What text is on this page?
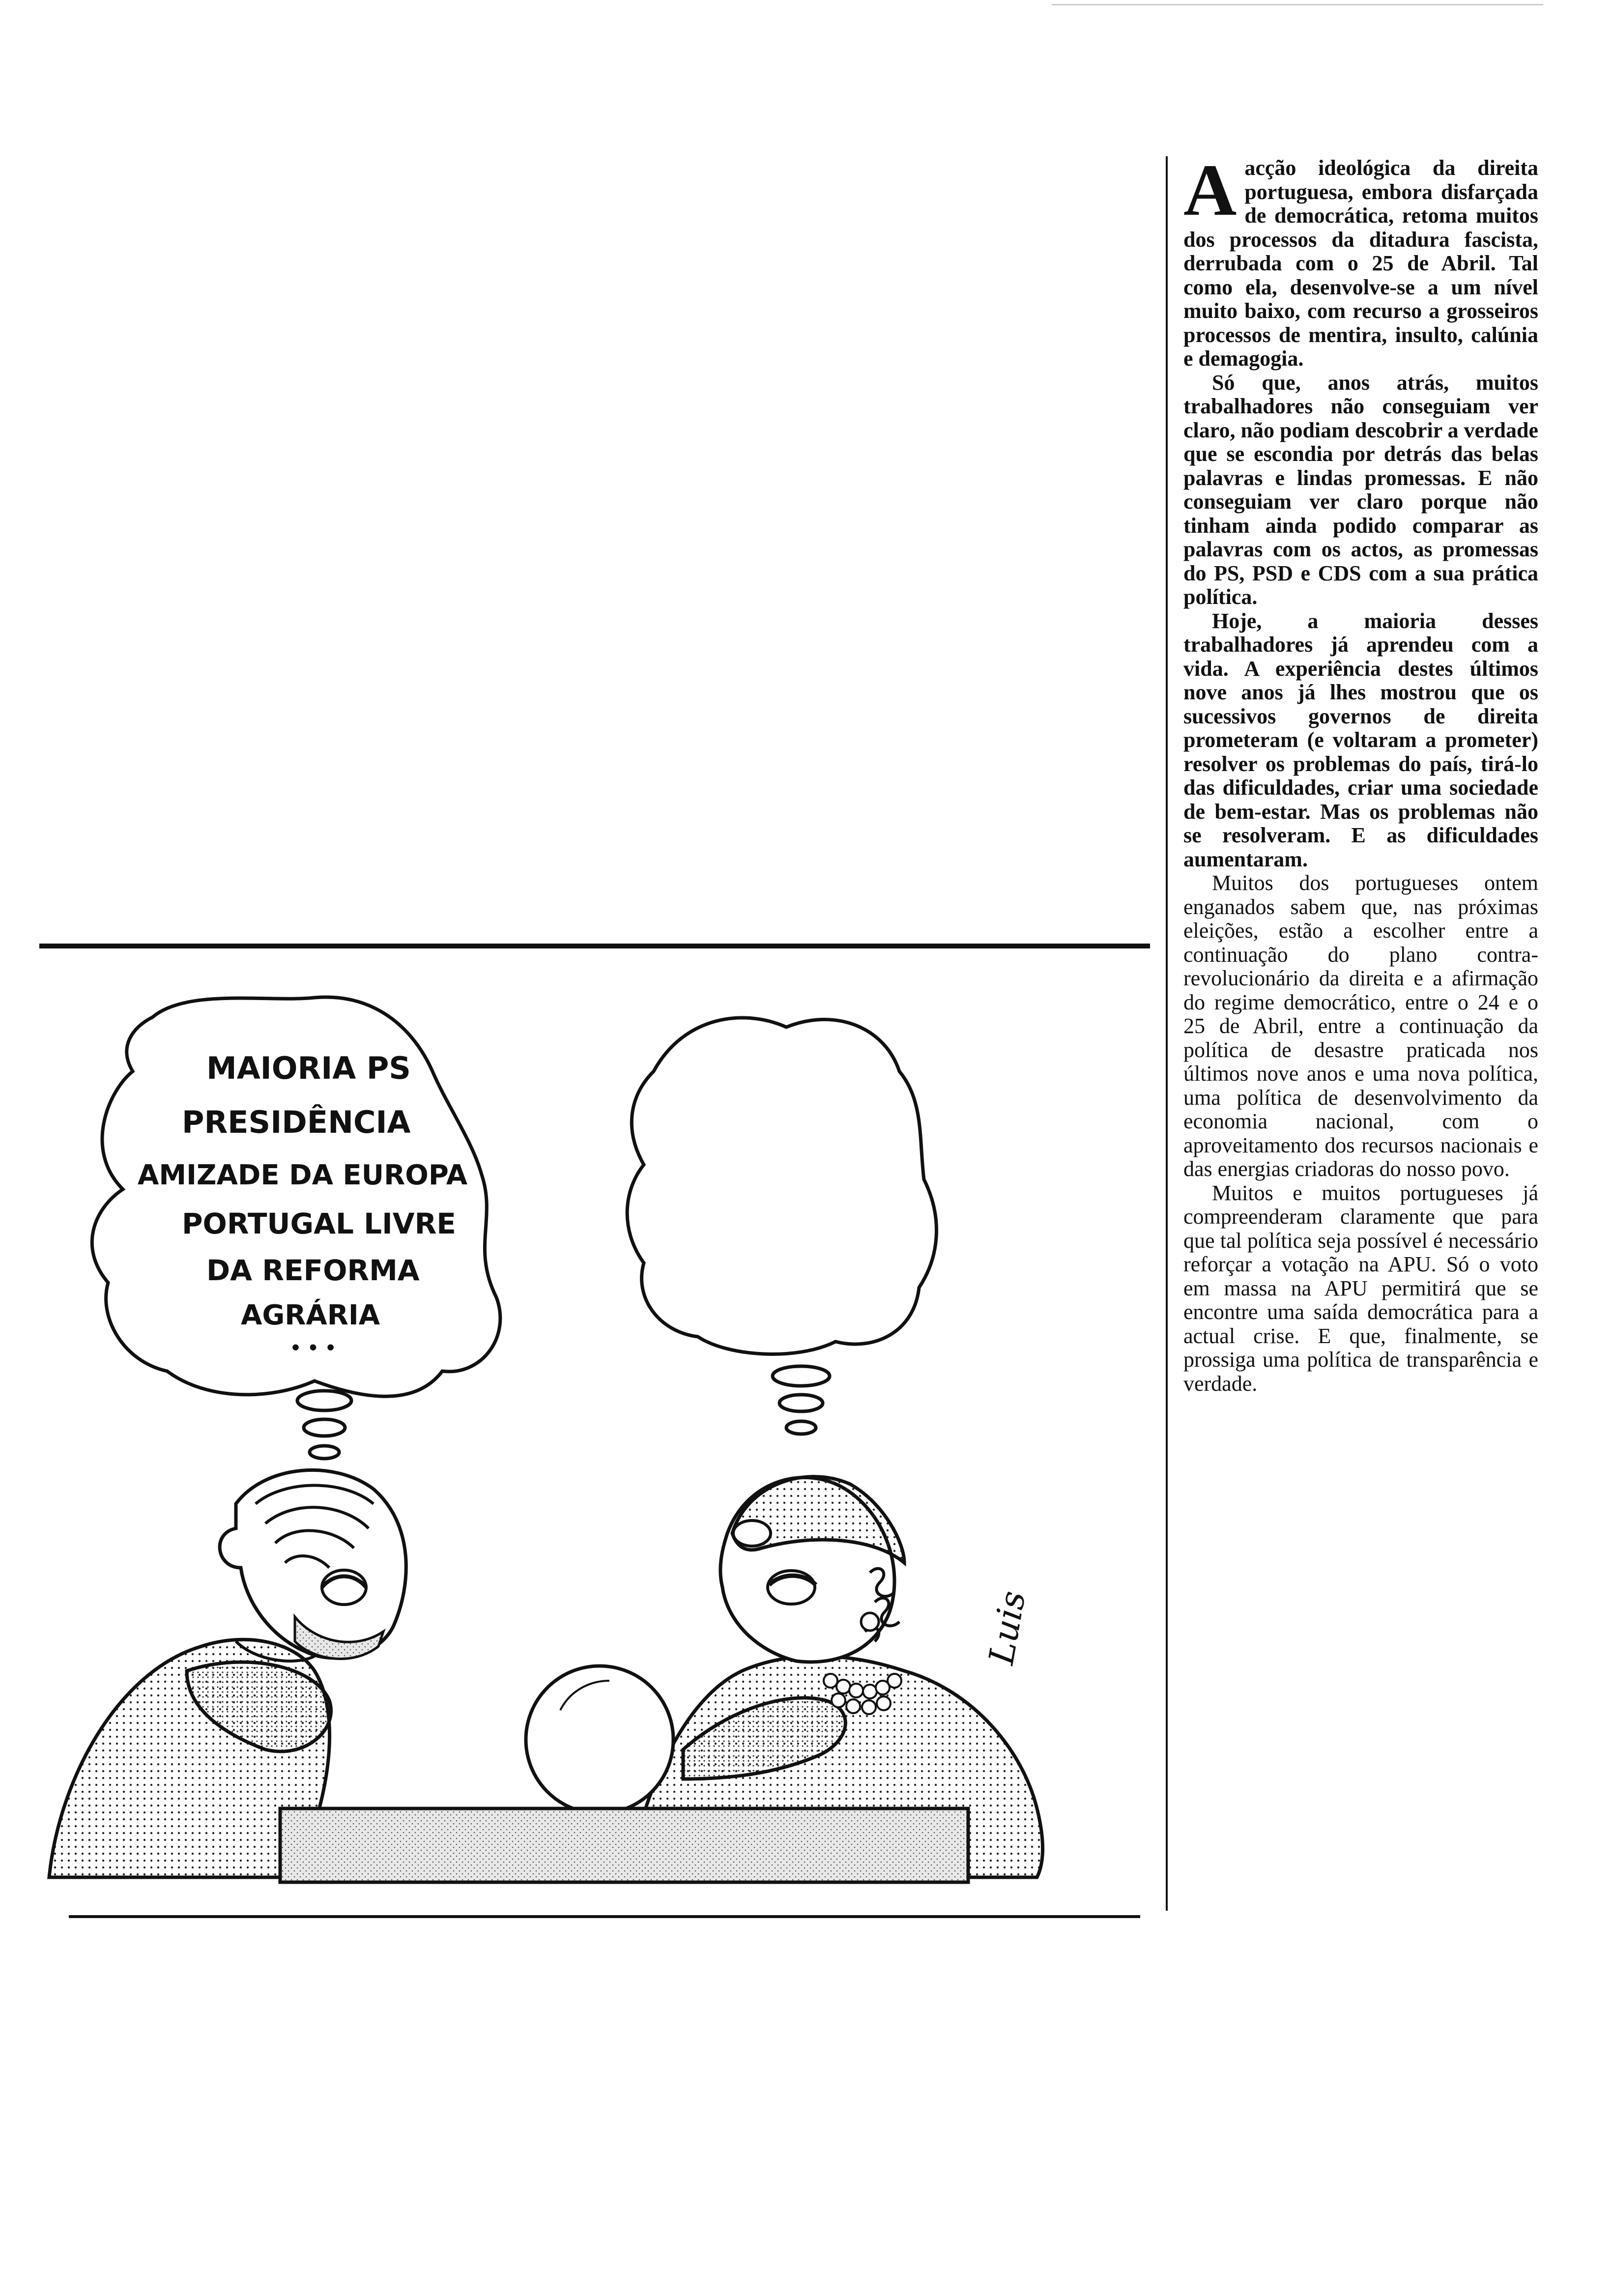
MAIORIA PS
PRESIDÊNCIA
AMIZADE DA EUROPA
PORTUGAL LIVRE
DA REFORMA
AGRÁRIA
• • •
Luis

Aacção ideológica da direita portuguesa, embora disfarçada de democrática, retoma muitos dos processos da ditadura fascista, derrubada com o 25 de Abril. Tal como ela, desenvolve-se a um nível muito baixo, com recurso a grosseiros processos de mentira, insulto, calúnia e demagogia.

Só que, anos atrás, muitos trabalhadores não conseguiam ver claro, não podiam descobrir a verdade que se escondia por detrás das belas palavras e lindas promessas. E não conseguiam ver claro porque não tinham ainda podido comparar as palavras com os actos, as promessas do PS, PSD e CDS com a sua prática política.

Hoje, a maioria desses trabalhadores já aprendeu com a vida. A experiência destes últimos nove anos já lhes mostrou que os sucessivos governos de direita prometeram (e voltaram a prometer) resolver os problemas do país, tirá-lo das dificuldades, criar uma sociedade de bem-estar. Mas os problemas não se resolveram. E as dificuldades aumentaram.

Muitos dos portugueses ontem enganados sabem que, nas próximas eleições, estão a escolher entre a continuação do plano contra-revolucionário da direita e a afirmação do regime democrático, entre o 24 e o 25 de Abril, entre a continuação da política de desastre praticada nos últimos nove anos e uma nova política, uma política de desenvolvimento da economia nacional, com o aproveitamento dos recursos nacionais e das energias criadoras do nosso povo.

Muitos e muitos portugueses já compreenderam claramente que para que tal política seja possível é necessário reforçar a votação na APU. Só o voto em massa na APU permitirá que se encontre uma saída democrática para a actual crise. E que, finalmente, se prossiga uma política de transparência e verdade.
